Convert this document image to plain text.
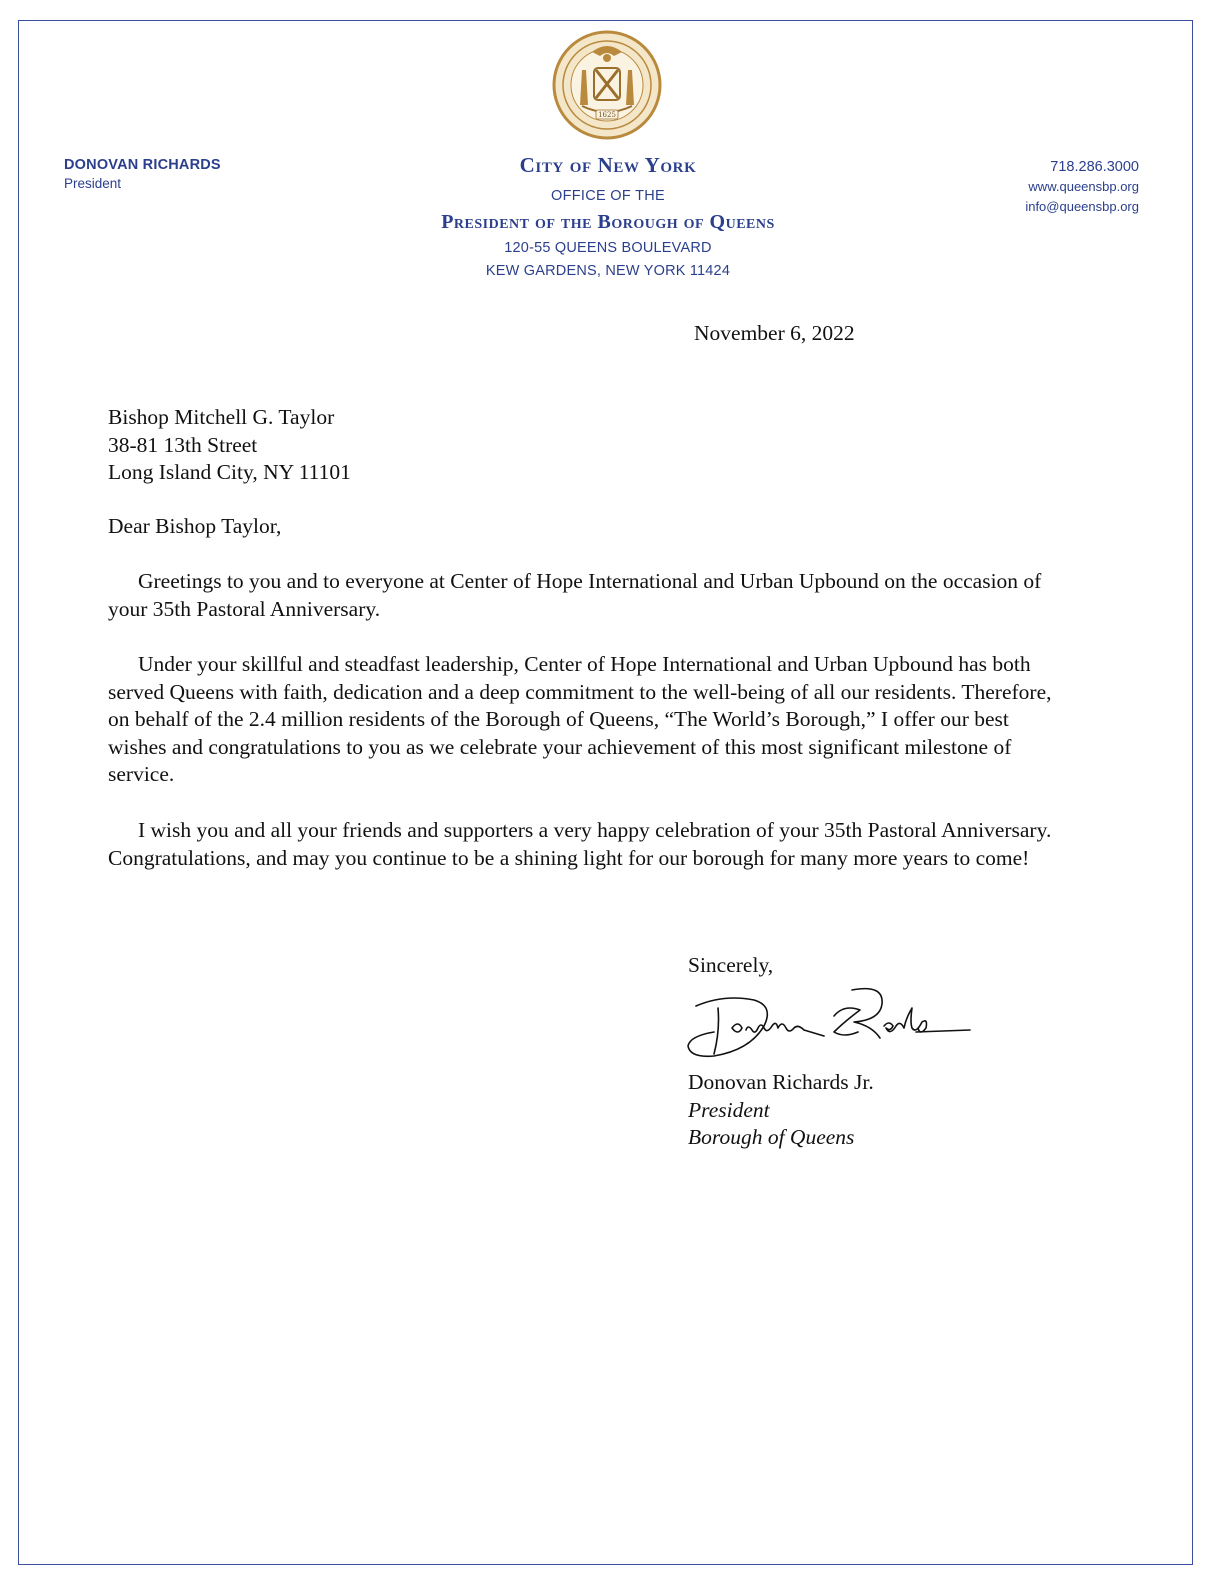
1625
DONOVAN RICHARDS
President
City of New York
OFFICE OF THE
President of the Borough of Queens
120-55 QUEENS BOULEVARD
KEW GARDENS, NEW YORK 11424
718.286.3000
www.queensbp.org
info@queensbp.org
November 6, 2022
Bishop Mitchell G. Taylor
38-81 13th Street
Long Island City, NY 11101
Dear Bishop Taylor,
Greetings to you and to everyone at Center of Hope International and Urban Upbound on the occasion of your 35th Pastoral Anniversary.
Under your skillful and steadfast leadership, Center of Hope International and Urban Upbound has both served Queens with faith, dedication and a deep commitment to the well-being of all our residents. Therefore, on behalf of the 2.4 million residents of the Borough of Queens, “The World’s Borough,” I offer our best wishes and congratulations to you as we celebrate your achievement of this most significant milestone of service.
I wish you and all your friends and supporters a very happy celebration of your 35th Pastoral Anniversary. Congratulations, and may you continue to be a shining light for our borough for many more years to come!
Sincerely,
Donovan Richards Jr.
President
Borough of Queens
